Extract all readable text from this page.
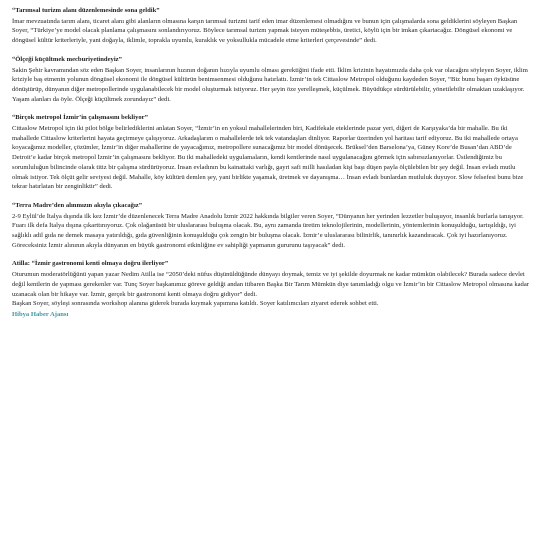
“Tarımsal turizm alanı düzenlemesinde sona geldik”

İmar mevzuatında tarım alanı, ticaret alanı gibi alanların olmasına karşın tarımsal turizmi tarif eden imar düzenlemesi olmadığını ve bunun için çalışmalarda sona geldiklerini söyleyen Başkan Soyer, “Türkiye’ye model olacak planlama çalışmasını sonlandırıyoruz. Böylece tarımsal turizm yapmak isteyen müteşebbis, üretici, köylü için bir imkan çıkartacağız. Döngüsel ekonomi ve döngüsel kültür kriterleriyle, yani doğayla, iklimle, toprakla uyumlu, kuraklık ve yoksullukla mücadele etme kriterleri çerçevesinde” dedi.

“Ölçeği küçültmek mecburiyetindeyiz”

Sakin Şehir kavramından söz eden Başkan Soyer, insanlarının hızının doğanın hızıyla uyumlu olması gerektiğini ifade etti. İklim krizinin hayatımızda daha çok var olacağını söyleyen Soyer, iklim kriziyle baş etmenin yolunun döngüsel ekonomi ile döngüsel kültürün benimsenmesi olduğunu hatırlattı. İzmir’in tek Cittaslow Metropol olduğunu kaydeden Soyer, “Biz bunu başarı öyküsüne dönüştürüp, dünyanın diğer metropollerinde uygulanabilecek bir model oluşturmak istiyoruz. Her şeyin öze yerelleşmek, küçülmek. Büyüdükçe sürdürülebilir, yönetilebilir olmaktan uzaklaşıyor. Yaşam alanları da öyle. Ölçeği küçültmek zorundayız” dedi.

“Birçok metropol İzmir’in çalışmasını bekliyor”

Cittaslow Metropol için iki pilot bölge belirlediklerini anlatan Soyer, “İzmir’in en yoksul mahallelerinden biri, Kadifekale eteklerinde pazar yeri, diğeri de Karşıyaka’da bir mahalle. Bu iki mahallede Cittaslow kriterlerini hayata geçirmeye çalışıyoruz. Arkadaşlarım o mahallelerde tek tek vatandaşları dinliyor. Raporlar üzerinden yol haritası tarif ediyoruz. Bu iki mahallede ortaya koyacağımız modeller, çözümler, İzmir’in diğer mahallerine de yayacağımız, metropollere sunacağımız bir model dönüşecek. Brüksel’den Barselona’ya, Güney Kore’de Busan’dan ABD’de Detroit’e kadar birçok metropol İzmir’in çalışmasını bekliyor. Bu iki mahalledeki uygulamaların, kendi kentlerinde nasıl uygulanacağını görmek için sabırsızlanıyorlar. Üstlendiğimiz bu sorumluluğun bilincinde olarak titiz bir çalışma sürdürüyoruz. İnsan evladının bu kainattaki varlığı, gayri safi milli hasıladan kişi başı düşen payla ölçülebilen bir şey değil. İnsan evladı mutlu olmak istiyor. Tek ölçüt gelir seviyesi değil. Mahalle, köy kültürü demlen şey, yani birlikte yaşamak, üretmek ve dayanışma… İnsan evladı bunlardan mutluluk duyuyor. Slow felsefesi bunu bize tekrar hatırlatan bir zenginliktir” dedi.

“Terra Madre’den alınmızın akıyla çıkacağız”

2-9 Eylül’de İtalya dışında ilk kez İzmir’de düzenlenecek Terra Madre Anadolu İzmir 2022 hakkında bilgiler veren Soyer, “Dünyanın her yerinden lezzetler buluşuyor, insanlık burlarla tanışıyor. Fuarı ilk defa İtalya dışına çıkarttınıyoruz. Çok olağanüstü bir uluslararası buluşma olacak. Bu, aynı zamanda üretim teknolojilerinin, modellerinin, yöntemlerinin konuşulduğu, tartışıldığı, iyi sağlıklı adil gıda ne demek masaya yatırıldığı, gıda güvenliğinin konuşulduğu çok zengin bir buluşma olacak. İzmir’e uluslararası bilinirlik, tanınırlık kazandıracak. Çok iyi hazırlanıyoruz. Göreceksiniz İzmir alınının akıyla dünyanın en büyük gastronomi etkinliğine ev sahipliği yapmanın gururunu taşıyacak” dedi.

Atilla: “İzmir gastronomi kenti olmaya doğru ilerliyor”

Oturumun moderatörlüğünü yapan yazar Nedim Atilla ise “2050’deki nüfus düşünüldüğünde dünyayı doymak, temiz ve iyi şekilde doyurmak ne kadar mümkün olabilecek? Burada sadece devlet değil kentlerin de yapması gerekenler var. Tunç Soyer başkanımız göreve geldiği andan itibaren Başka Bir Tarım Mümkün diye tanımladığı olgu ve İzmir’in bir Cittaslow Metropol olmasına kadar uzanacak olan bir hikaye var. İzmir, gerçek bir gastronomi kenti olmaya doğru gidiyor” dedi.

Başkan Soyer, söyleşi sonrasında workshop alanına giderek burada kuymak yapımına katıldı. Soyer katılımcıları ziyaret ederek sohbet etti.

Hibya Haber Ajansı
